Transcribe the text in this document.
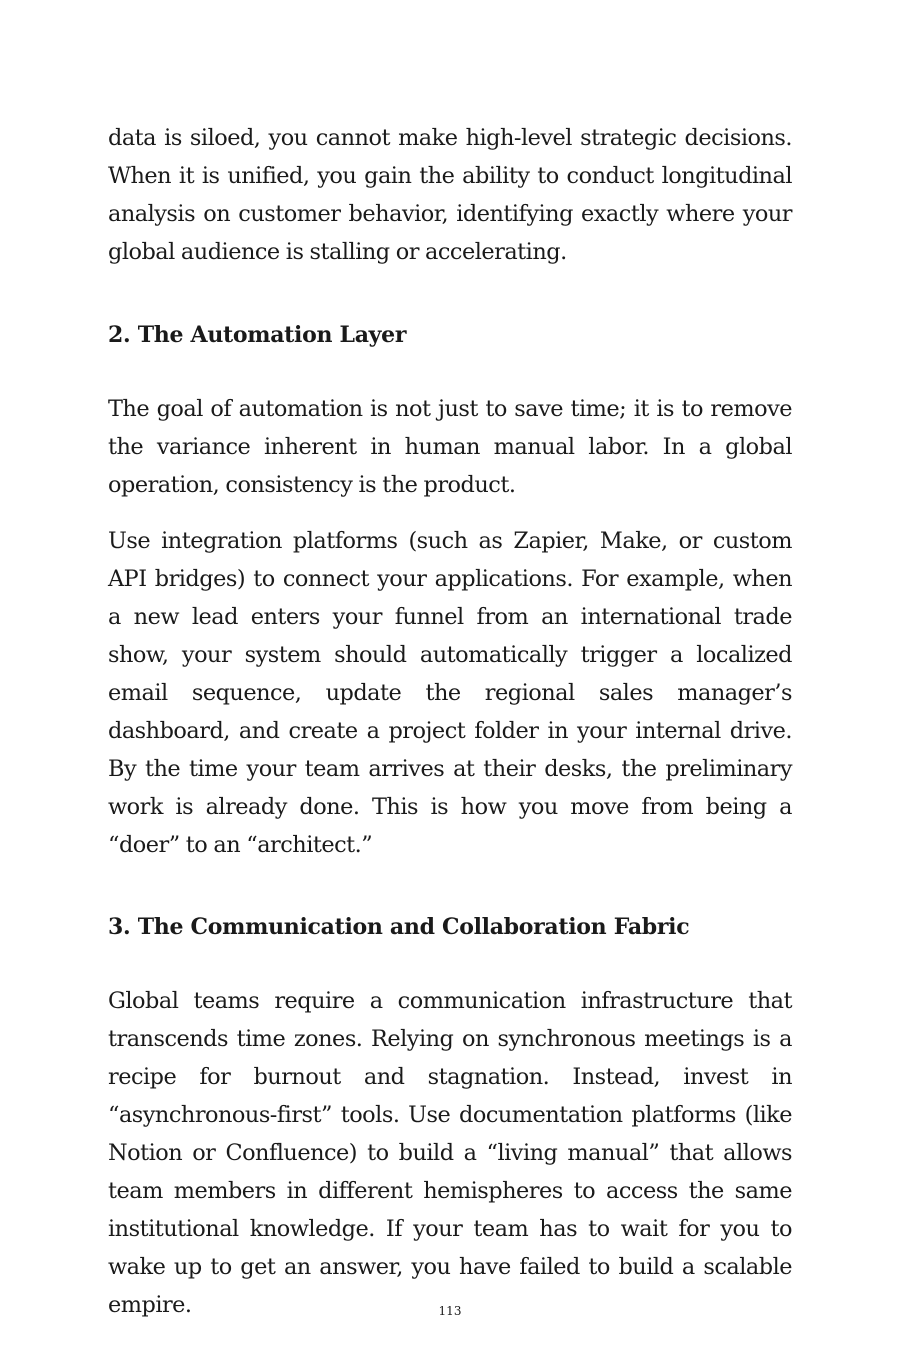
data is siloed, you cannot make high-level strategic decisions. When it is unified, you gain the ability to conduct longitudinal analysis on customer behavior, identifying exactly where your global audience is stalling or accelerating.

2. The Automation Layer

The goal of automation is not just to save time; it is to remove the variance inherent in human manual labor. In a global operation, consistency is the product.

Use integration platforms (such as Zapier, Make, or custom API bridges) to connect your applications. For example, when a new lead enters your funnel from an international trade show, your system should automatically trigger a localized email sequence, update the regional sales manager’s dashboard, and create a project folder in your internal drive. By the time your team arrives at their desks, the preliminary work is already done. This is how you move from being a “doer” to an “architect.”

3. The Communication and Collaboration Fabric

Global teams require a communication infrastructure that transcends time zones. Relying on synchronous meetings is a recipe for burnout and stagnation. Instead, invest in “asynchronous-first” tools. Use documentation platforms (like Notion or Confluence) to build a “living manual” that allows team members in different hemispheres to access the same institutional knowledge. If your team has to wait for you to wake up to get an answer, you have failed to build a scalable empire.	113
